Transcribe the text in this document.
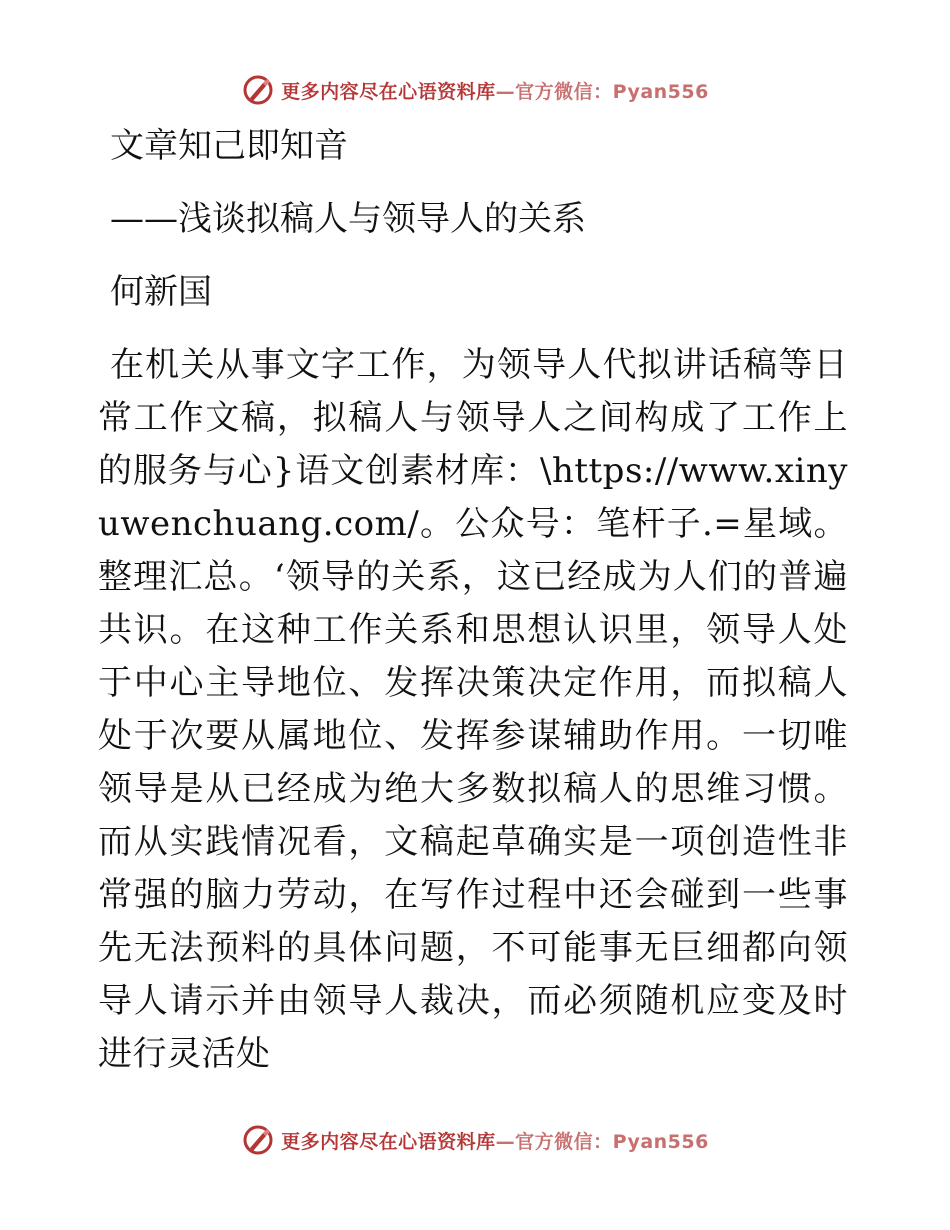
更多内容尽在心语资料库—官方微信：Pyan556
文章知己即知音
——浅谈拟稿人与领导人的关系
何新国

在机关从事文字工作，为领导人代拟讲话稿等日常工作文稿，拟稿人与领导人之间构成了工作上的服务与心}语文创素材库：\https://www.xinyuwenchuang.com/。公众号：笔杆子.=星域。整理汇总。‘领导的关系，这已经成为人们的普遍共识。在这种工作关系和思想认识里，领导人处于中心主导地位、发挥决策决定作用，而拟稿人处于次要从属地位、发挥参谋辅助作用。一切唯领导是从已经成为绝大多数拟稿人的思维习惯。而从实践情况看，文稿起草确实是一项创造性非常强的脑力劳动，在写作过程中还会碰到一些事先无法预料的具体问题，不可能事无巨细都向领导人请示并由领导人裁决，而必须随机应变及时进行灵活处

更多内容尽在心语资料库—官方微信：Pyan556
